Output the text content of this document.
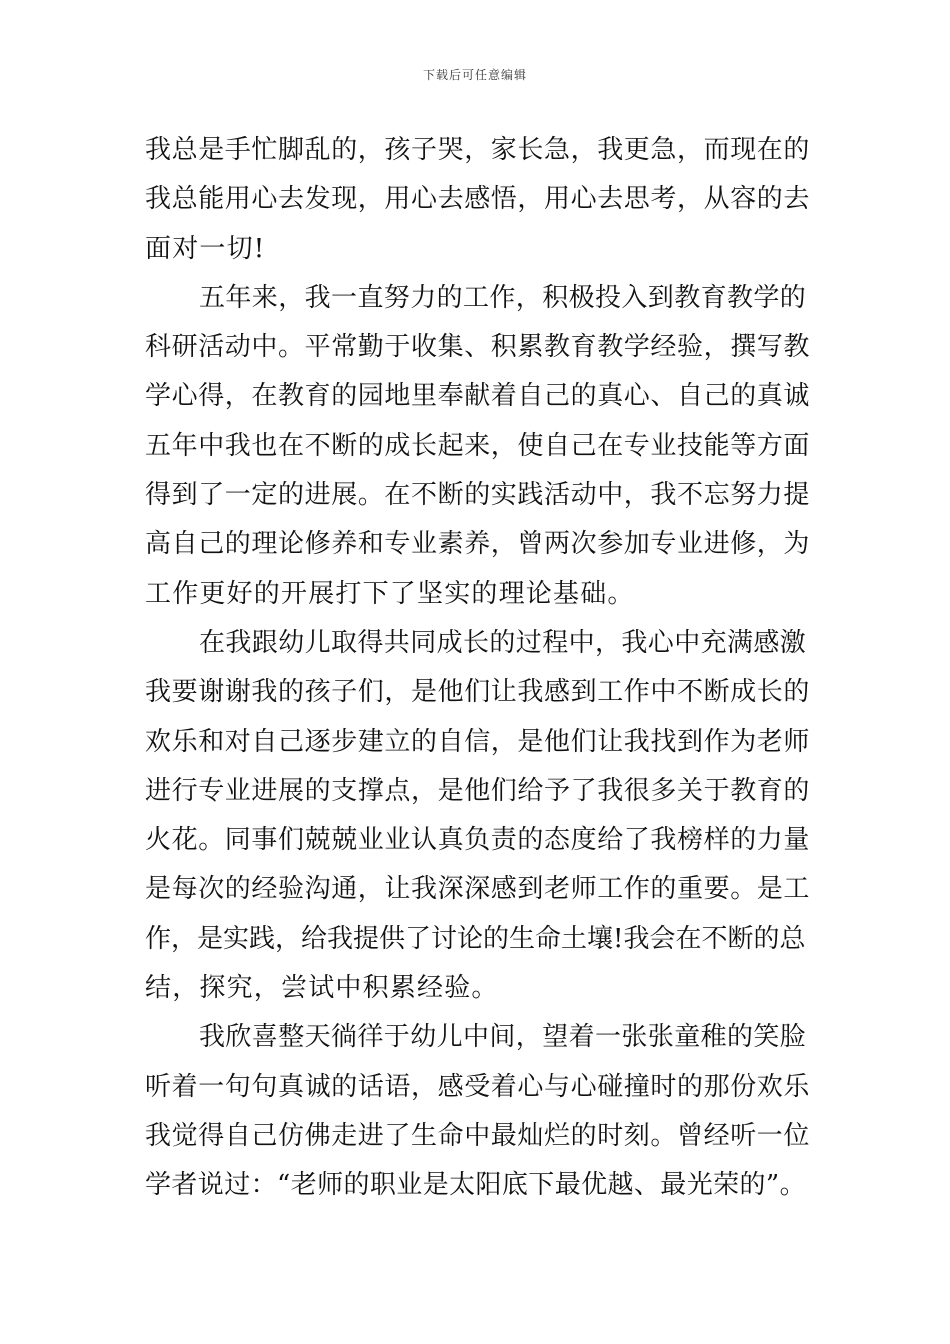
下载后可任意编辑
我总是手忙脚乱的，孩子哭，家长急，我更急，而现在的
我总能用心去发现，用心去感悟，用心去思考，从容的去
面对一切!
五年来，我一直努力的工作，积极投入到教育教学的
科研活动中。平常勤于收集、积累教育教学经验，撰写教
学心得，在教育的园地里奉献着自己的真心、自己的真诚
五年中我也在不断的成长起来，使自己在专业技能等方面
得到了一定的进展。在不断的实践活动中，我不忘努力提
高自己的理论修养和专业素养，曾两次参加专业进修，为
工作更好的开展打下了坚实的理论基础。
在我跟幼儿取得共同成长的过程中，我心中充满感激
我要谢谢我的孩子们，是他们让我感到工作中不断成长的
欢乐和对自己逐步建立的自信，是他们让我找到作为老师
进行专业进展的支撑点，是他们给予了我很多关于教育的
火花。同事们兢兢业业认真负责的态度给了我榜样的力量
是每次的经验沟通，让我深深感到老师工作的重要。是工
作，是实践，给我提供了讨论的生命土壤!我会在不断的总
结，探究，尝试中积累经验。
我欣喜整天徜徉于幼儿中间，望着一张张童稚的笑脸
听着一句句真诚的话语，感受着心与心碰撞时的那份欢乐
我觉得自己仿佛走进了生命中最灿烂的时刻。曾经听一位
学者说过：“老师的职业是太阳底下最优越、最光荣的”。
